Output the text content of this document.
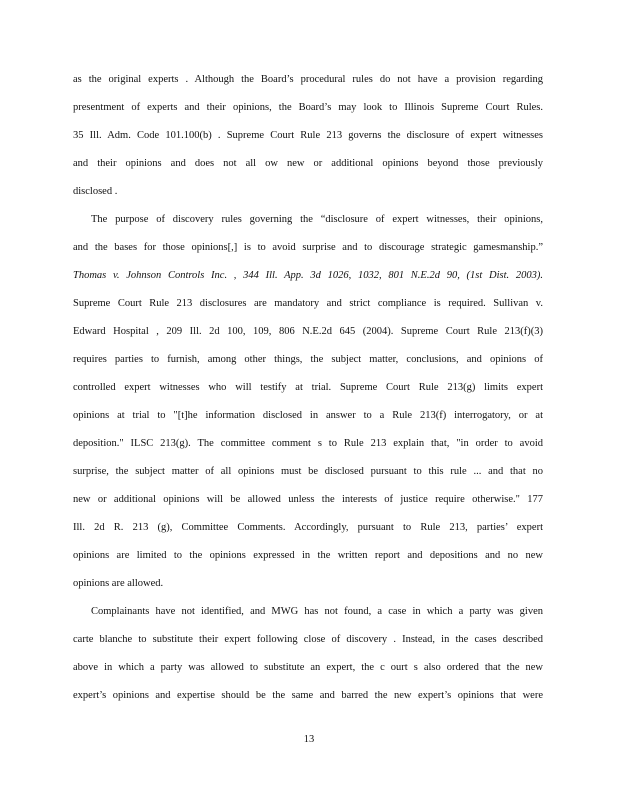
as the original experts . Although the Board’s procedural rules do not have a provision regarding
presentment of experts and their opinions, the Board’s may look to Illinois Supreme Court Rules.
35 Ill. Adm. Code 101.100(b) . Supreme Court Rule 213 governs the disclosure of expert witnesses
and their opinions and does not all ow new or additional opinions beyond those previously
disclosed .
The purpose of discovery rules governing the “disclosure of expert witnesses, their opinions,
and the bases for those opinions[,] is to avoid surprise and to discourage strategic gamesmanship.”
Thomas v. Johnson Controls Inc. , 344 Ill. App. 3d 1026, 1032, 801 N.E.2d 90, (1st Dist. 2003).
Supreme Court Rule 213 disclosures are mandatory and strict compliance is required. Sullivan v.
Edward Hospital , 209 Ill. 2d 100, 109, 806 N.E.2d 645 (2004). Supreme Court Rule 213(f)(3)
requires parties to furnish, among other things, the subject matter, conclusions, and opinions of
controlled expert witnesses who will testify at trial. Supreme Court Rule 213(g) limits expert
opinions at trial to "[t]he information disclosed in answer to a Rule 213(f) interrogatory, or at
deposition." ILSC 213(g). The committee comment s to Rule 213 explain that, "in order to avoid
surprise, the subject matter of all opinions must be disclosed pursuant to this rule ... and that no
new or additional opinions will be allowed unless the interests of justice require otherwise." 177
Ill. 2d R. 213 (g), Committee Comments. Accordingly, pursuant to Rule 213, parties’ expert
opinions are limited to the opinions expressed in the written report and depositions and no new
opinions are allowed.
Complainants have not identified, and MWG has not found, a case in which a party was given
carte blanche to substitute their expert following close of discovery . Instead, in the cases described
above in which a party was allowed to substitute an expert, the c ourt s also ordered that the new
expert’s opinions and expertise should be the same and barred the new expert’s opinions that were
13
